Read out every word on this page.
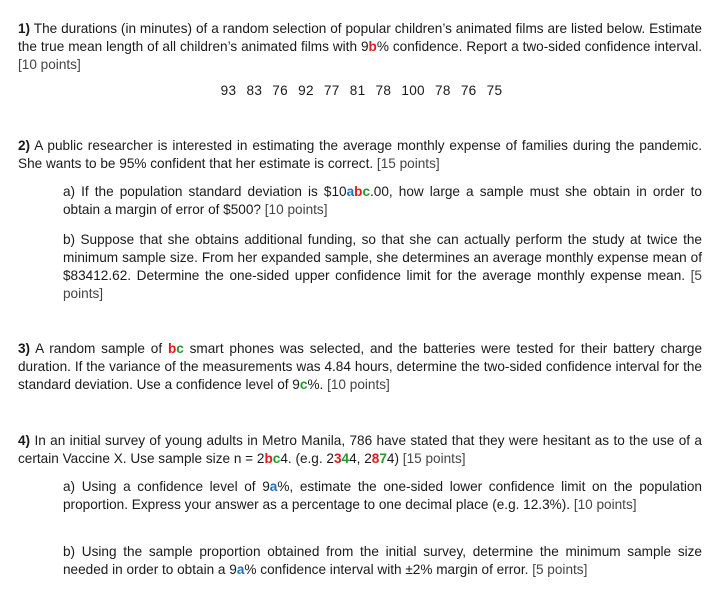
1) The durations (in minutes) of a random selection of popular children’s animated films are listed below. Estimate the true mean length of all children’s animated films with 9b% confidence. Report a two-sided confidence interval. [10 points]
93 83 76 92 77 81 78 100 78 76 75
2) A public researcher is interested in estimating the average monthly expense of families during the pandemic. She wants to be 95% confident that her estimate is correct. [15 points]
a) If the population standard deviation is $10abc.00, how large a sample must she obtain in order to obtain a margin of error of $500? [10 points]
b) Suppose that she obtains additional funding, so that she can actually perform the study at twice the minimum sample size. From her expanded sample, she determines an average monthly expense mean of $83412.62. Determine the one-sided upper confidence limit for the average monthly expense mean. [5 points]
3) A random sample of bc smart phones was selected, and the batteries were tested for their battery charge duration. If the variance of the measurements was 4.84 hours, determine the two-sided confidence interval for the standard deviation. Use a confidence level of 9c%. [10 points]
4) In an initial survey of young adults in Metro Manila, 786 have stated that they were hesitant as to the use of a certain Vaccine X. Use sample size n = 2bc4. (e.g. 2344, 2874) [15 points]
a) Using a confidence level of 9a%, estimate the one-sided lower confidence limit on the population proportion. Express your answer as a percentage to one decimal place (e.g. 12.3%). [10 points]
b) Using the sample proportion obtained from the initial survey, determine the minimum sample size needed in order to obtain a 9a% confidence interval with ±2% margin of error. [5 points]
